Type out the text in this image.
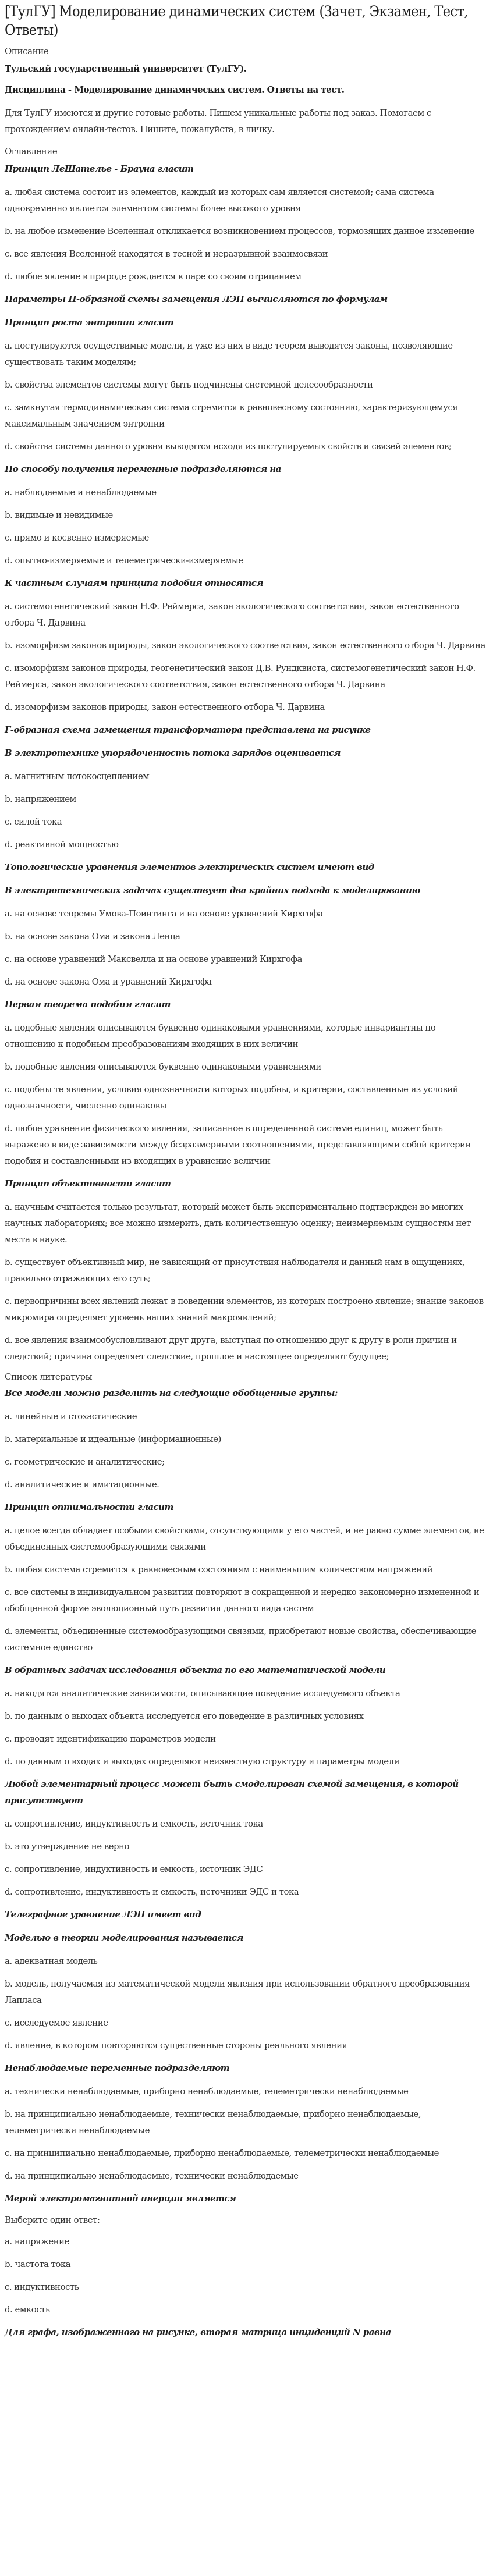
[ТулГУ] Моделирование динамических систем (Зачет, Экзамен, Тест, Ответы)

Описание

Тульский государственный университет (ТулГУ).

Дисциплина - Моделирование динамических систем. Ответы на тест.

Для ТулГУ имеются и другие готовые работы. Пишем уникальные работы под заказ. Помогаем с прохождением онлайн-тестов. Пишите, пожалуйста, в личку.

Оглавление

Принцип ЛеШателье - Брауна гласит

a. любая система состоит из элементов, каждый из которых сам является системой; сама система одновременно является элементом системы более высокого уровня

b. на любое изменение Вселенная откликается возникновением процессов, тормозящих данное изменение

c. все явления Вселенной находятся в тесной и неразрывной взаимосвязи

d. любое явление в природе рождается в паре со своим отрицанием

Параметры П-образной схемы замещения ЛЭП вычисляются по формулам

Принцип роста энтропии гласит

a. постулируются осуществимые модели, и уже из них в виде теорем выводятся законы, позволяющие существовать таким моделям;

b. свойства элементов системы могут быть подчинены системной целесообразности

c. замкнутая термодинамическая система стремится к равновесному состоянию, характеризующемуся максимальным значением энтропии

d. свойства системы данного уровня выводятся исходя из постулируемых свойств и связей элементов;

По способу получения переменные подразделяются на

a. наблюдаемые и ненаблюдаемые

b. видимые и невидимые

c. прямо и косвенно измеряемые

d. опытно-измеряемые и телеметрически-измеряемые

К частным случаям принципа подобия относятся

a. системогенетический закон Н.Ф. Реймерса, закон экологического соответствия, закон естественного отбора Ч. Дарвина

b. изоморфизм законов природы, закон экологического соответствия, закон естественного отбора Ч. Дарвина

c. изоморфизм законов природы, геогенетический закон Д.В. Рундквиста, системогенетический закон Н.Ф. Реймерса, закон экологического соответствия, закон естественного отбора Ч. Дарвина

d. изоморфизм законов природы, закон естественного отбора Ч. Дарвина

Г-образная схема замещения трансформатора представлена на рисунке

В электротехнике упорядоченность потока зарядов оценивается

a. магнитным потокосцеплением

b. напряжением

c. силой тока

d. реактивной мощностью

Топологические уравнения элементов электрических систем имеют вид

В электротехнических задачах существует два крайних подхода к моделированию

a. на основе теоремы Умова-Поинтинга и на основе уравнений Кирхгофа

b. на основе закона Ома и закона Ленца

c. на основе уравнений Максвелла и на основе уравнений Кирхгофа

d. на основе закона Ома и уравнений Кирхгофа

Первая теорема подобия гласит

a. подобные явления описываются буквенно одинаковыми уравнениями, которые инвариантны по отношению к подобным преобразованиям входящих в них величин

b. подобные явления описываются буквенно одинаковыми уравнениями

c. подобны те явления, условия однозначности которых подобны, и критерии, составленные из условий однозначности, численно одинаковы

d. любое уравнение физического явления, записанное в определенной системе единиц, может быть выражено в виде зависимости между безразмерными соотношениями, представляющими собой критерии подобия и составленными из входящих в уравнение величин

Принцип объективности гласит

a. научным считается только результат, который может быть экспериментально подтвержден во многих научных лабораториях; все можно измерить, дать количественную оценку; неизмеряемым сущностям нет места в науке.

b. существует объективный мир, не зависящий от присутствия наблюдателя и данный нам в ощущениях, правильно отражающих его суть;

c. первопричины всех явлений лежат в поведении элементов, из которых построено явление; знание законов микромира определяет уровень наших знаний макроявлений;

d. все явления взаимообусловливают друг друга, выступая по отношению друг к другу в роли причин и следствий; причина определяет следствие, прошлое и настоящее определяют будущее;

Список литературы

Все модели можно разделить на следующие обобщенные группы:

a. линейные и стохастические

b. материальные и идеальные (информационные)

c. геометрические и аналитические;

d. аналитические и имитационные.

Принцип оптимальности гласит

a. целое всегда обладает особыми свойствами, отсутствующими у его частей, и не равно сумме элементов, не объединенных системообразующими связями

b. любая система стремится к равновесным состояниям с наименьшим количеством напряжений

c. все системы в индивидуальном развитии повторяют в сокращенной и нередко закономерно измененной и обобщенной форме эволюционный путь развития данного вида систем

d. элементы, объединенные системообразующими связями, приобретают новые свойства, обеспечивающие системное единство

В обратных задачах исследования объекта по его математической модели

a. находятся аналитические зависимости, описывающие поведение исследуемого объекта

b. по данным о выходах объекта исследуется его поведение в различных условиях

c. проводят идентификацию параметров модели

d. по данным о входах и выходах определяют неизвестную структуру и параметры модели

Любой элементарный процесс может быть смоделирован схемой замещения, в которой присутствуют

a. сопротивление, индуктивность и емкость, источник тока

b. это утверждение не верно

c. сопротивление, индуктивность и емкость, источник ЭДС

d. сопротивление, индуктивность и емкость, источники ЭДС и тока

Телеграфное уравнение ЛЭП имеет вид

Моделью в теории моделирования называется

a. адекватная модель

b. модель, получаемая из математической модели явления при использовании обратного преобразования Лапласа

c. исследуемое явление

d. явление, в котором повторяются существенные стороны реального явления

Ненаблюдаемые переменные подразделяют

a. технически ненаблюдаемые, приборно ненаблюдаемые, телеметрически ненаблюдаемые

b. на принципиально ненаблюдаемые, технически ненаблюдаемые, приборно ненаблюдаемые, телеметрически ненаблюдаемые

c. на принципиально ненаблюдаемые, приборно ненаблюдаемые, телеметрически ненаблюдаемые

d. на принципиально ненаблюдаемые, технически ненаблюдаемые

Мерой электромагнитной инерции является

Выберите один ответ:

a. напряжение

b. частота тока

c. индуктивность

d. емкость

Для графа, изображенного на рисунке, вторая матрица инциденций N равна
